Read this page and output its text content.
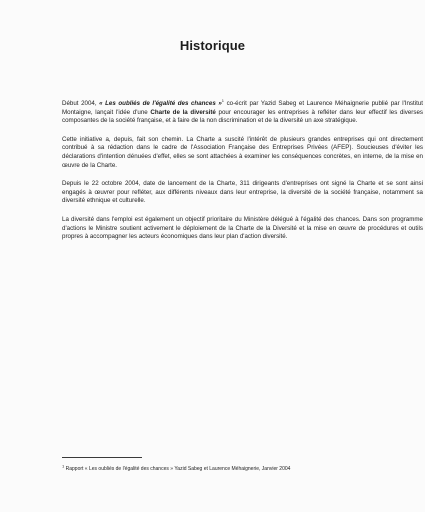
Historique

Début 2004, « Les oubliés de l'égalité des chances »$^1$ co-écrit par Yazid Sabeg et Laurence Méhaignerie publié par l'Institut Montaigne, lançait l'idée d'une Charte de la diversité pour encourager les entreprises à refléter dans leur effectif les diverses composantes de la société française, et à faire de la non discrimination et de la diversité un axe stratégique.

Cette initiative a, depuis, fait son chemin. La Charte a suscité l'intérêt de plusieurs grandes entreprises qui ont directement contribué à sa rédaction dans le cadre de l'Association Française des Entreprises Privées (AFEP). Soucieuses d'éviter les déclarations d'intention dénuées d'effet, elles se sont attachées à examiner les conséquences concrètes, en interne, de la mise en œuvre de la Charte.

Depuis le 22 octobre 2004, date de lancement de la Charte, 311 dirigeants d'entreprises ont signé la Charte et se sont ainsi engagés à œuvrer pour refléter, aux différents niveaux dans leur entreprise, la diversité de la société française, notamment sa diversité ethnique et culturelle.

La diversité dans l'emploi est également un objectif prioritaire du Ministère délégué à l'égalité des chances. Dans son programme d'actions le Ministre soutient activement le déploiement de la Charte de la Diversité et la mise en œuvre de procédures et outils propres à accompagner les acteurs économiques dans leur plan d'action diversité.

$^1$ Rapport « Les oubliés de l'égalité des chances » Yazid Sabeg et Laurence Méhaignerie, Janvier 2004
